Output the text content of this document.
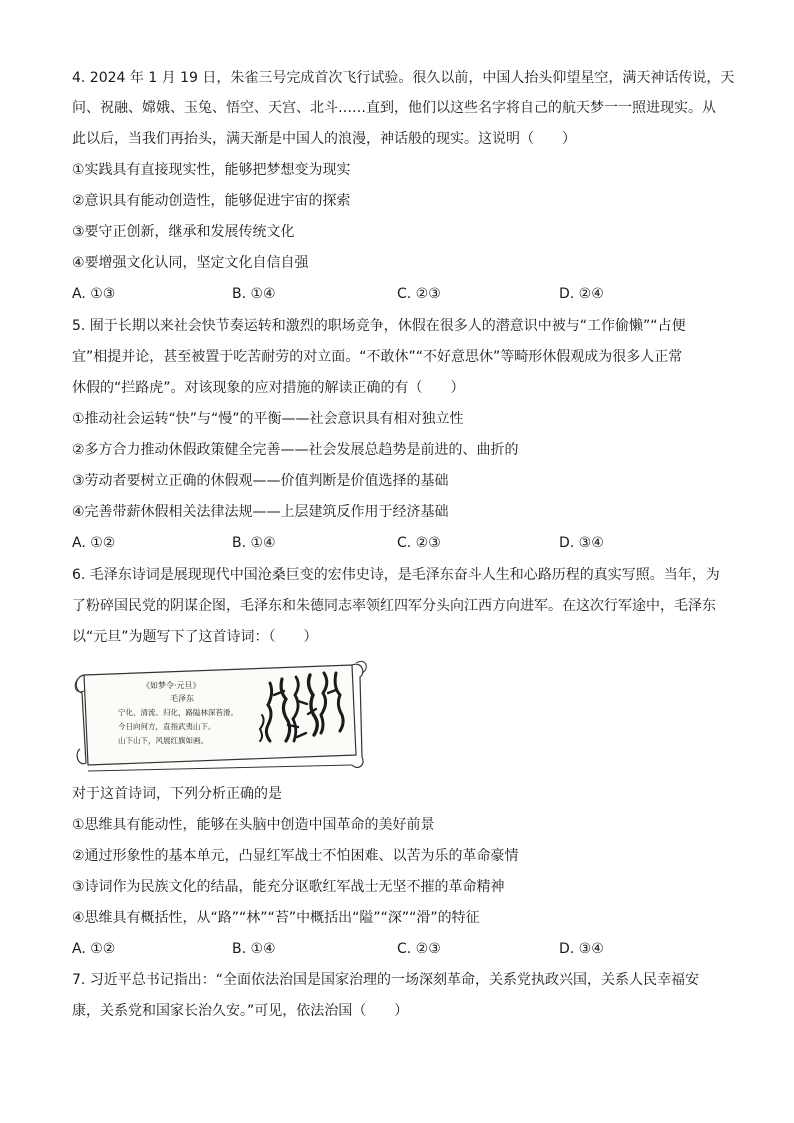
4. 2024 年 1 月 19 日，朱雀三号完成首次飞行试验。很久以前，中国人抬头仰望星空，满天神话传说，天
问、祝融、嫦娥、玉兔、悟空、天宫、北斗……直到，他们以这些名字将自己的航天梦一一照进现实。从
此以后，当我们再抬头，满天渐是中国人的浪漫，神话般的现实。这说明（　　）
①实践具有直接现实性，能够把梦想变为现实
②意识具有能动创造性，能够促进宇宙的探索
③要守正创新，继承和发展传统文化
④要增强文化认同，坚定文化自信自强
A. ①③	B. ①④	C. ②③	D. ②④
5. 囿于长期以来社会快节奏运转和激烈的职场竞争，休假在很多人的潜意识中被与“工作偷懒”“占便
宜”相提并论，甚至被置于吃苦耐劳的对立面。“不敢休”“不好意思休”等畸形休假观成为很多人正常
休假的“拦路虎”。对该现象的应对措施的解读正确的有（　　）
①推动社会运转“快”与“慢”的平衡——社会意识具有相对独立性
②多方合力推动休假政策健全完善——社会发展总趋势是前进的、曲折的
③劳动者要树立正确的休假观——价值判断是价值选择的基础
④完善带薪休假相关法律法规——上层建筑反作用于经济基础
A. ①②	B. ①④	C. ②③	D. ③④
6. 毛泽东诗词是展现现代中国沧桑巨变的宏伟史诗，是毛泽东奋斗人生和心路历程的真实写照。当年，为
了粉碎国民党的阴谋企图，毛泽东和朱德同志率领红四军分头向江西方向进军。在这次行军途中，毛泽东
以“元旦”为题写下了这首诗词：（　　）
《如梦令·元旦》
毛泽东
宁化、清流、归化，路隘林深苔滑。
今日向何方，直指武夷山下。
山下山下，风展红旗如画。
对于这首诗词，下列分析正确的是
①思维具有能动性，能够在头脑中创造中国革命的美好前景
②通过形象性的基本单元，凸显红军战士不怕困难、以苦为乐的革命豪情
③诗词作为民族文化的结晶，能充分讴歌红军战士无坚不摧的革命精神
④思维具有概括性，从“路”“林”“苔”中概括出“隘”“深”“滑”的特征
A. ①②	B. ①④	C. ②③	D. ③④
7. 习近平总书记指出：“全面依法治国是国家治理的一场深刻革命，关系党执政兴国，关系人民幸福安
康，关系党和国家长治久安。”可见，依法治国（　　）
